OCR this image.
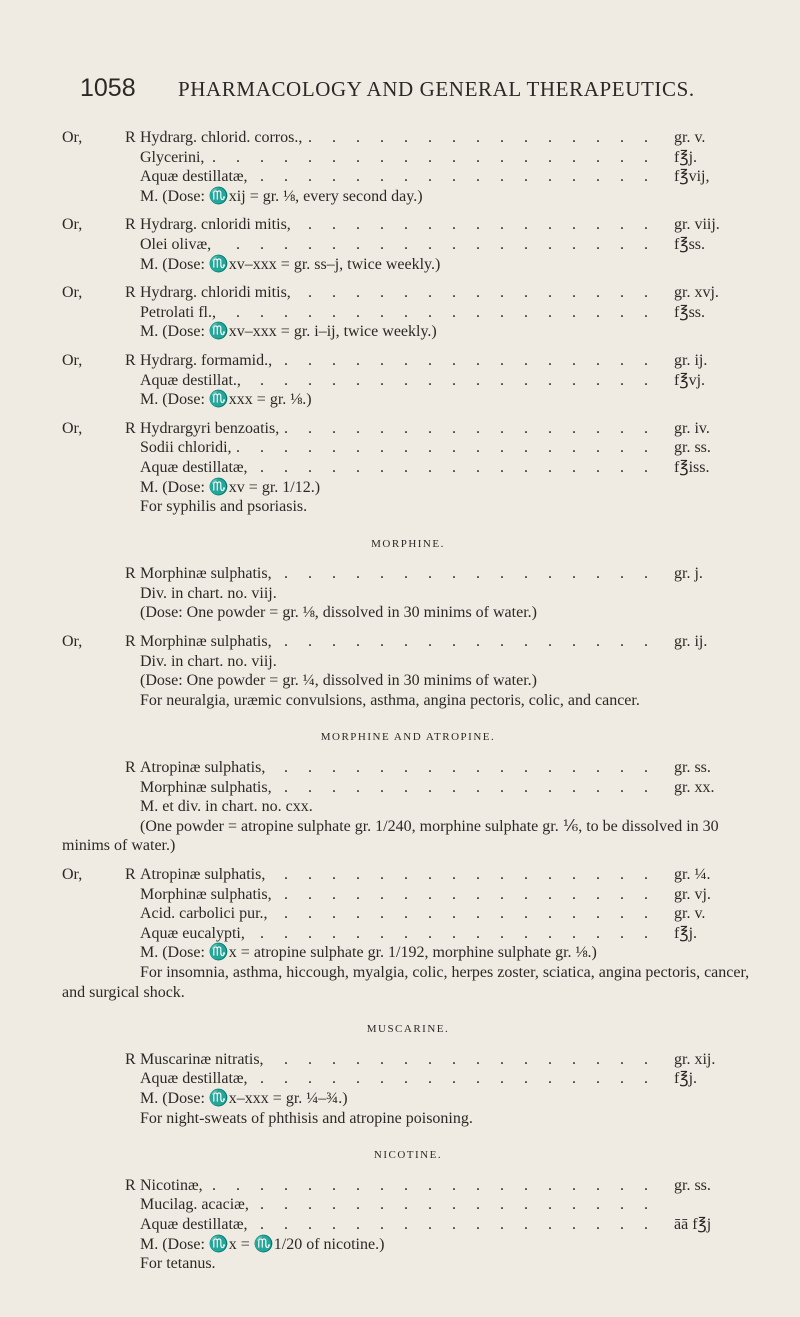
1058 PHARMACOLOGY AND GENERAL THERAPEUTICS.
Or,	R Hydrarg. chlorid. corros., . . .	gr. v.
Glycerini, . . .	f℥j.
Aquæ destillatæ, . . .	f℥vij,
M. (Dose: ♏xij = gr. ⅛, every second day.)
Or,	R Hydrarg. cnloridi mitis, . . .	gr. viij.
Olei olivæ, . . .	f℥ss.
M. (Dose: ♏xv–xxx = gr. ss–j, twice weekly.)
Or,	R Hydrarg. chloridi mitis, . . .	gr. xvj.
Petrolati fl., . . .	f℥ss.
M. (Dose: ♏xv–xxx = gr. i–ij, twice weekly.)
Or,	R Hydrarg. formamid., . . .	gr. ij.
Aquæ destillat., . . .	f℥vj.
M. (Dose: ♏xxx = gr. ⅛.)
Or,	R Hydrargyri benzoatis, . . .	gr. iv.
Sodii chloridi, . . .	gr. ss.
Aquæ destillatæ, . . .	f℥iss.
M. (Dose: ♏xv = gr. 1/12.)
For syphilis and psoriasis.
MORPHINE.
R Morphinæ sulphatis, . . .	gr. j.
Div. in chart. no. viij.
(Dose: One powder = gr. ⅛, dissolved in 30 minims of water.)
Or,	R Morphinæ sulphatis, . . .	gr. ij.
Div. in chart. no. viij.
(Dose: One powder = gr. ¼, dissolved in 30 minims of water.)
For neuralgia, uræmic convulsions, asthma, angina pectoris, colic, and cancer.
MORPHINE AND ATROPINE.
R Atropinæ sulphatis, . . .	gr. ss.
Morphinæ sulphatis, . . .	gr. xx.
M. et div. in chart. no. cxx.
(One powder = atropine sulphate gr. 1/240, morphine sulphate gr. ⅙, to be dissolved in 30 minims of water.)
Or,	R Atropinæ sulphatis, . . .	gr. ¼.
Morphinæ sulphatis, . . .	gr. vj.
Acid. carbolici pur., . . .	gr. v.
Aquæ eucalypti, . . .	f℥j.
M. (Dose: ♏x = atropine sulphate gr. 1/192, morphine sulphate gr. ⅛.)
For insomnia, asthma, hiccough, myalgia, colic, herpes zoster, sciatica, angina pectoris, cancer, and surgical shock.
MUSCARINE.
R Muscarinæ nitratis, . . .	gr. xij.
Aquæ destillatæ, . . .	f℥j.
M. (Dose: ♏x–xxx = gr. ¼–¾.)
For night-sweats of phthisis and atropine poisoning.
NICOTINE.
R Nicotinæ, . . .	gr. ss.
Mucilag. acaciæ, . . .
Aquæ destillatæ, . . .	āā f℥j
M. (Dose: ♏x = ♏1/20 of nicotine.)
For tetanus.
